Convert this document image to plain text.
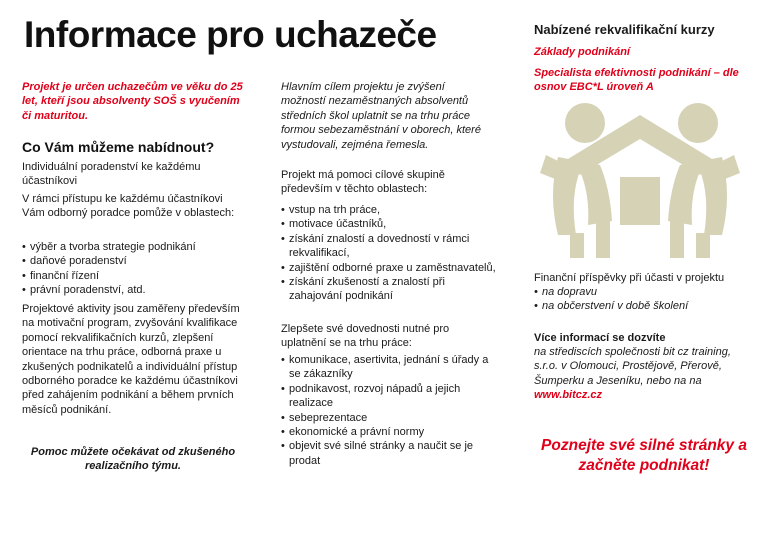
Informace pro uchazeče

Projekt je určen uchazečům ve věku do 25 let, kteří jsou absolventy SOŠ s vyučením či maturitou.

Co Vám můžeme nabídnout?

Individuální poradenství ke každému účastníkovi

V rámci přístupu ke každému účastníkovi Vám odborný poradce pomůže v oblastech:

• výběr a tvorba strategie podnikání
• daňové poradenství
• finanční řízení
• právní poradenství, atd.

Projektové aktivity jsou zaměřeny především na motivační program, zvyšování kvalifikace pomocí rekvalifikačních kurzů, zlepšení orientace na trhu práce, odborná praxe u zkušených podnikatelů a individuální přístup odborného poradce ke každému účastníkovi před zahájením podnikání a během prvních měsíců podnikání.

Pomoc můžete očekávat od zkušeného realizačního týmu.

Hlavním cílem projektu je zvýšení možností nezaměstnaných absolventů středních škol uplatnit se na trhu práce formou sebezaměstnání v oborech, které vystudovali, zejména řemesla.

Projekt má pomoci cílové skupině především v těchto oblastech:

• vstup na trh práce,
• motivace účastníků,
• získání znalostí a dovedností v rámci rekvalifikací,
• zajištění odborné praxe u zaměstnavatelů,
• získání zkušeností a znalostí při zahajování podnikání

Zlepšete své dovednosti nutné pro uplatnění se na trhu práce:

• komunikace, asertivita, jednání s úřady a se zákazníky
• podnikavost, rozvoj nápadů a jejich realizace
• sebeprezentace
• ekonomické a právní normy
• objevit své silné stránky a naučit se je prodat
Nabízené rekvalifikační kurzy

Základy podnikání

Specialista efektivnosti podnikání – dle osnov EBC*L úroveň A

Finanční příspěvky při účasti v projektu

• na dopravu
• na občerstvení v době školení

Více informací se dozvíte

na střediscích společnosti bit cz training, s.r.o. v Olomouci, Prostějově, Přerově, Šumperku a Jeseníku, nebo na na

www.bitcz.cz

Poznejte své silné stránky a začněte podnikat!
